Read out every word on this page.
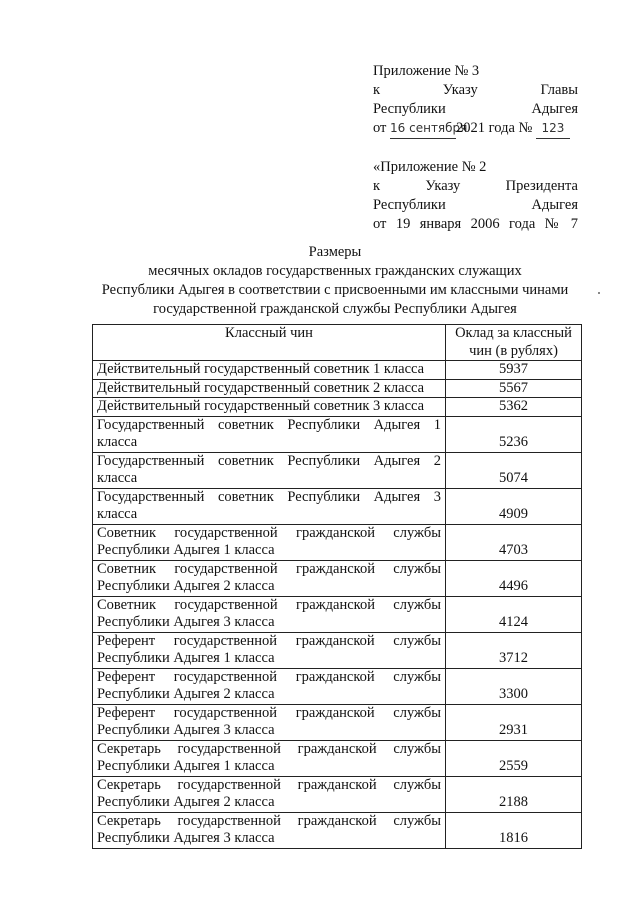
Приложение № 3
к	Указу	Главы
Республики	Адыгея
от 16 сентября2021 года № 123
«Приложение № 2
к	Указу	Президента
Республики	Адыгея
от 19 января 2006 года № 7
Размеры
месячных окладов государственных гражданских служащих
Республики Адыгея в соответствии с присвоенными им классными чинами
государственной гражданской службы Республики Адыгея
Классный чин	Оклад за классный чин (в рублях)
Действительный государственный советник 1 класса	5937
Действительный государственный советник 2 класса	5567
Действительный государственный советник 3 класса	5362
Государственный советник Республики Адыгея 1 класса	5236
Государственный советник Республики Адыгея 2 класса	5074
Государственный советник Республики Адыгея 3 класса	4909
Советник государственной гражданской службы Республики Адыгея 1 класса	4703
Советник государственной гражданской службы Республики Адыгея 2 класса	4496
Советник государственной гражданской службы Республики Адыгея 3 класса	4124
Референт государственной гражданской службы Республики Адыгея 1 класса	3712
Референт государственной гражданской службы Республики Адыгея 2 класса	3300
Референт государственной гражданской службы Республики Адыгея 3 класса	2931
Секретарь государственной гражданской службы Республики Адыгея 1 класса	2559
Секретарь государственной гражданской службы Республики Адыгея 2 класса	2188
Секретарь государственной гражданской службы Республики Адыгея 3 класса	1816
